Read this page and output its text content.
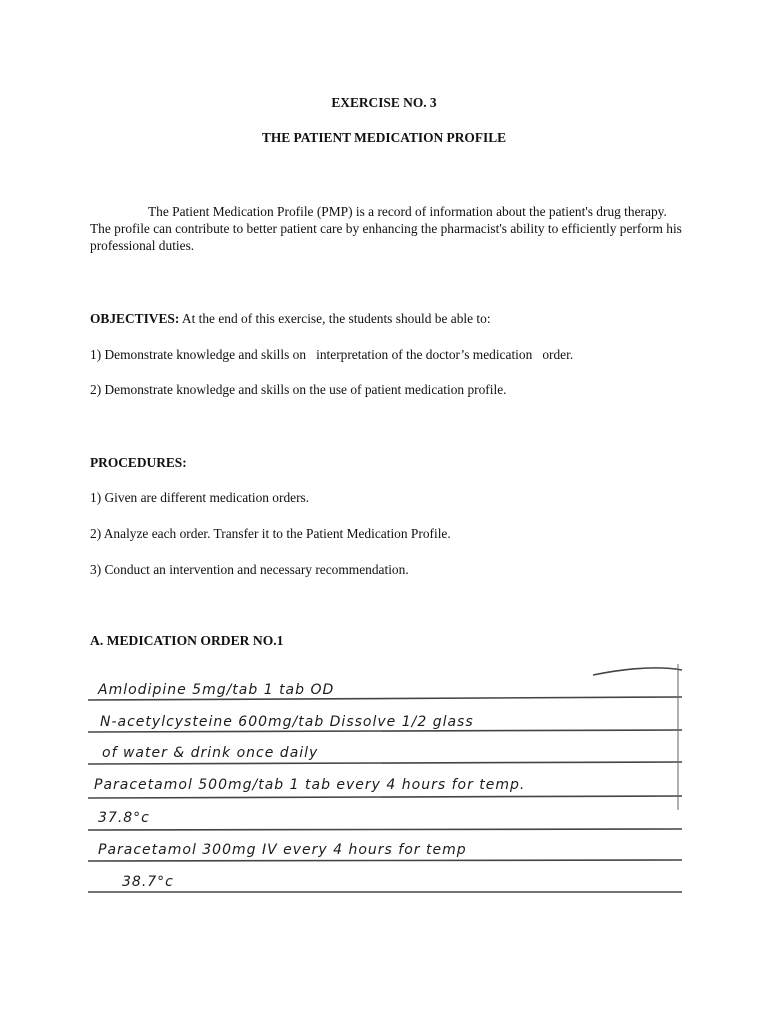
EXERCISE NO. 3
THE PATIENT MEDICATION PROFILE
The Patient Medication Profile (PMP) is a record of information about the patient's drug therapy. The profile can contribute to better patient care by enhancing the pharmacist's ability to efficiently perform his professional duties.
OBJECTIVES: At the end of this exercise, the students should be able to:
1) Demonstrate knowledge and skills on   interpretation of the doctor’s medication   order.
2) Demonstrate knowledge and skills on the use of patient medication profile.
PROCEDURES:
1) Given are different medication orders.
2) Analyze each order. Transfer it to the Patient Medication Profile.
3) Conduct an intervention and necessary recommendation.
A. MEDICATION ORDER NO.1
Amlodipine 5mg/tab 1 tab OD
N-acetylcysteine 600mg/tab Dissolve 1/2 glass
of water & drink once daily
Paracetamol 500mg/tab 1 tab every 4 hours for temp.
37.8°c
Paracetamol 300mg IV every 4 hours for temp
38.7°c
